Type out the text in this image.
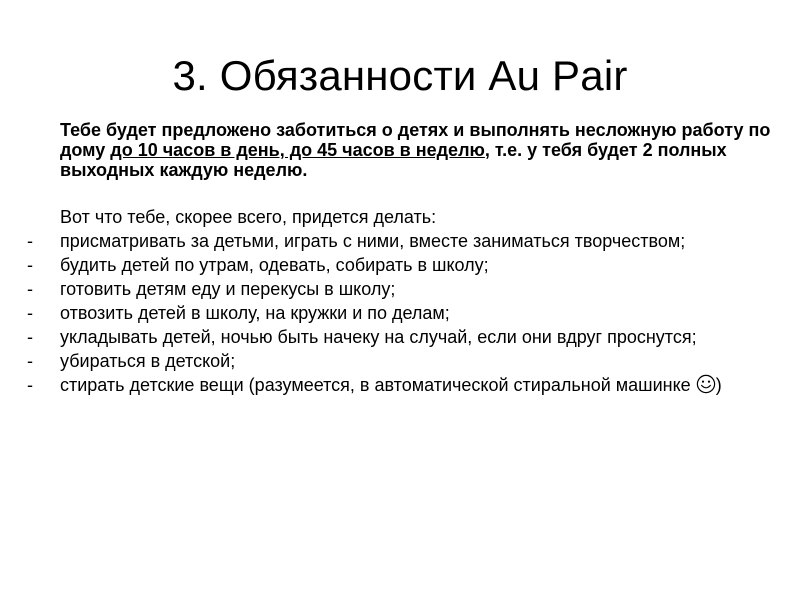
3. Обязанности Au Pair

Тебе будет предложено заботиться о детях и выполнять несложную работу по дому до 10 часов в день, до 45 часов в неделю, т.е. у тебя будет 2 полных выходных каждую неделю.

Вот что тебе, скорее всего, придется делать:

- присматривать за детьми, играть с ними, вместе заниматься творчеством;
- будить детей по утрам, одевать, собирать в школу;
- готовить детям еду и перекусы в школу;
- отвозить детей в школу, на кружки и по делам;
- укладывать детей, ночью быть начеку на случай, если они вдруг проснутся;
- убираться в детской;
- стирать детские вещи (разумеется, в автоматической стиральной машинке )
